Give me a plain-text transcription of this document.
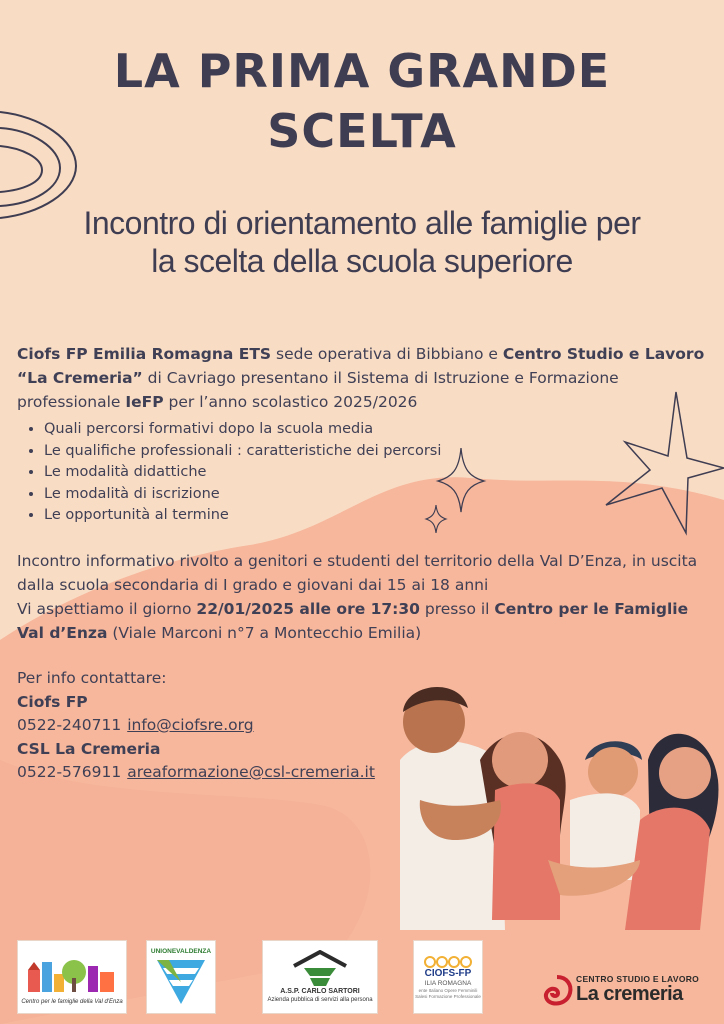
LA PRIMA GRANDE
SCELTA
Incontro di orientamento alle famiglie per
la scelta della scuola superiore
Ciofs FP Emilia Romagna ETS sede operativa di Bibbiano e Centro Studio e Lavoro “La Cremeria” di Cavriago presentano il Sistema di Istruzione e Formazione professionale IeFP per l’anno scolastico 2025/2026
• Quali percorsi formativi dopo la scuola media
• Le qualifiche professionali : caratteristiche dei percorsi
• Le modalità didattiche
• Le modalità di iscrizione
• Le opportunità al termine
Incontro informativo rivolto a genitori e studenti del territorio della Val D’Enza, in uscita dalla scuola secondaria di I grado e giovani dai 15 ai 18 anni
Vi aspettiamo il giorno 22/01/2025 alle ore 17:30 presso il Centro per le Famiglie Val d’Enza (Viale Marconi n°7 a Montecchio Emilia)
Per info contattare:
Ciofs FP
0522-240711 info@ciofsre.org
CSL La Cremeria
0522-576911 areaformazione@csl-cremeria.it
Centro per le famiglie della Val d'Enza
UNIONEVALDENZA
A.S.P. CARLO SARTORI
Azienda pubblica di servizi alla persona
CIOFS-FP
ILIA ROMAGNA
ente Italiano Opere Femminili Salesi Formazione Professionale
CENTRO STUDIO E LAVORO
La cremeria
